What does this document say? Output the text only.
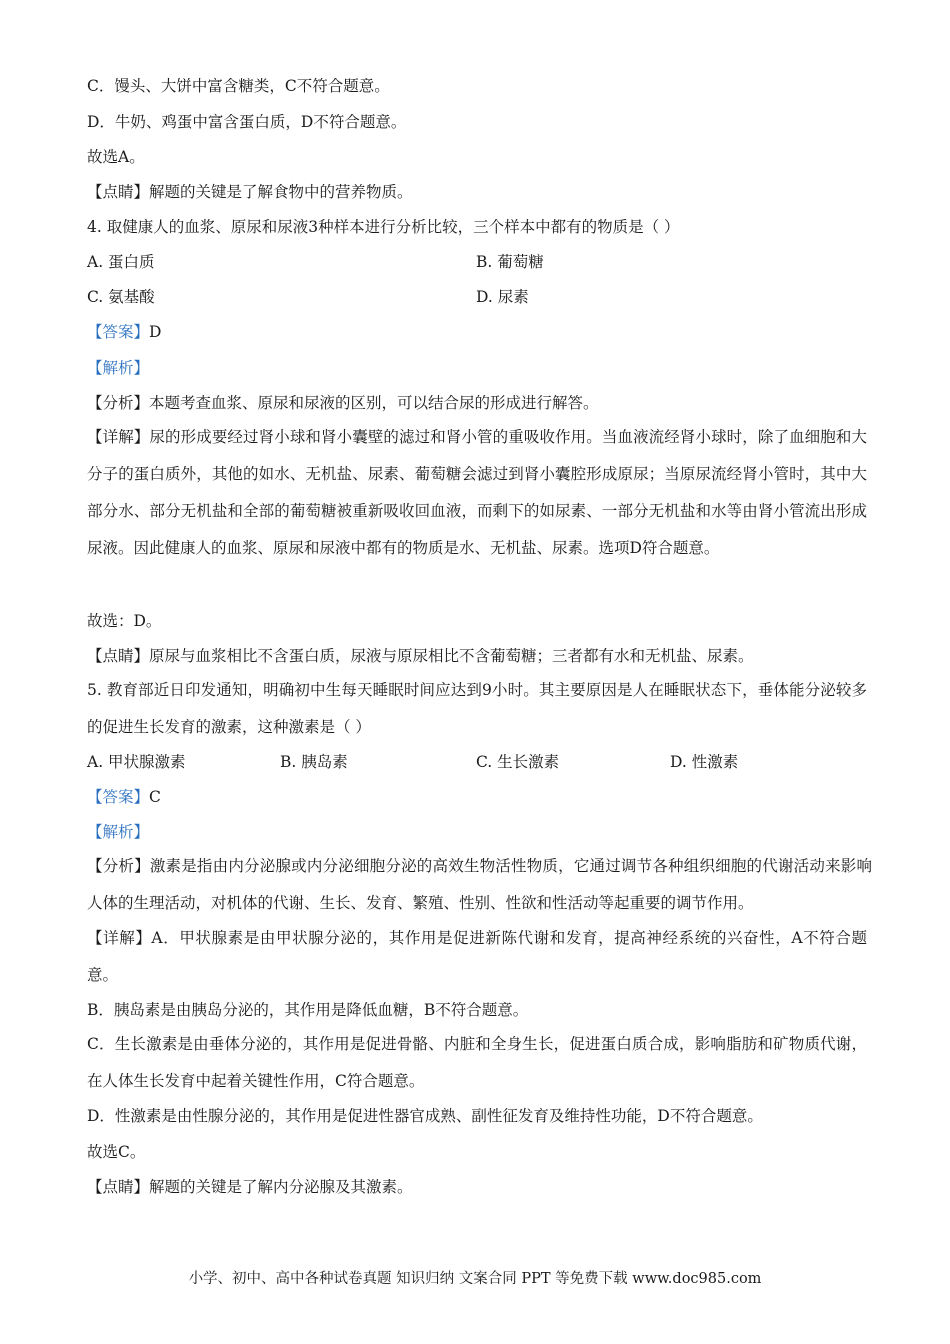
C．馒头、大饼中富含糖类，C不符合题意。
D．牛奶、鸡蛋中富含蛋白质，D不符合题意。
故选A。
【点睛】解题的关键是了解食物中的营养物质。
4. 取健康人的血浆、原尿和尿液3种样本进行分析比较，三个样本中都有的物质是（ ）
A. 蛋白质	B. 葡萄糖
C. 氨基酸	D. 尿素
【答案】D
【解析】
【分析】本题考查血浆、原尿和尿液的区别，可以结合尿的形成进行解答。
【详解】尿的形成要经过肾小球和肾小囊壁的滤过和肾小管的重吸收作用。当血液流经肾小球时，除了血细胞和大分子的蛋白质外，其他的如水、无机盐、尿素、葡萄糖会滤过到肾小囊腔形成原尿；当原尿流经肾小管时，其中大部分水、部分无机盐和全部的葡萄糖被重新吸收回血液，而剩下的如尿素、一部分无机盐和水等由肾小管流出形成尿液。因此健康人的血浆、原尿和尿液中都有的物质是水、无机盐、尿素。选项D符合题意。
故选：D。
【点睛】原尿与血浆相比不含蛋白质，尿液与原尿相比不含葡萄糖；三者都有水和无机盐、尿素。
5. 教育部近日印发通知，明确初中生每天睡眠时间应达到9小时。其主要原因是人在睡眠状态下，垂体能分泌较多的促进生长发育的激素，这种激素是（ ）
A. 甲状腺激素	B. 胰岛素	C. 生长激素	D. 性激素
【答案】C
【解析】
【分析】激素是指由内分泌腺或内分泌细胞分泌的高效生物活性物质，它通过调节各种组织细胞的代谢活动来影响人体的生理活动，对机体的代谢、生长、发育、繁殖、性别、性欲和性活动等起重要的调节作用。
【详解】A．甲状腺素是由甲状腺分泌的，其作用是促进新陈代谢和发育，提高神经系统的兴奋性，A不符合题意。
B．胰岛素是由胰岛分泌的，其作用是降低血糖，B不符合题意。
C．生长激素是由垂体分泌的，其作用是促进骨骼、内脏和全身生长，促进蛋白质合成，影响脂肪和矿物质代谢，在人体生长发育中起着关键性作用，C符合题意。
D．性激素是由性腺分泌的，其作用是促进性器官成熟、副性征发育及维持性功能，D不符合题意。
故选C。
【点睛】解题的关键是了解内分泌腺及其激素。
小学、初中、高中各种试卷真题 知识归纳 文案合同 PPT 等免费下载 www.doc985.com
